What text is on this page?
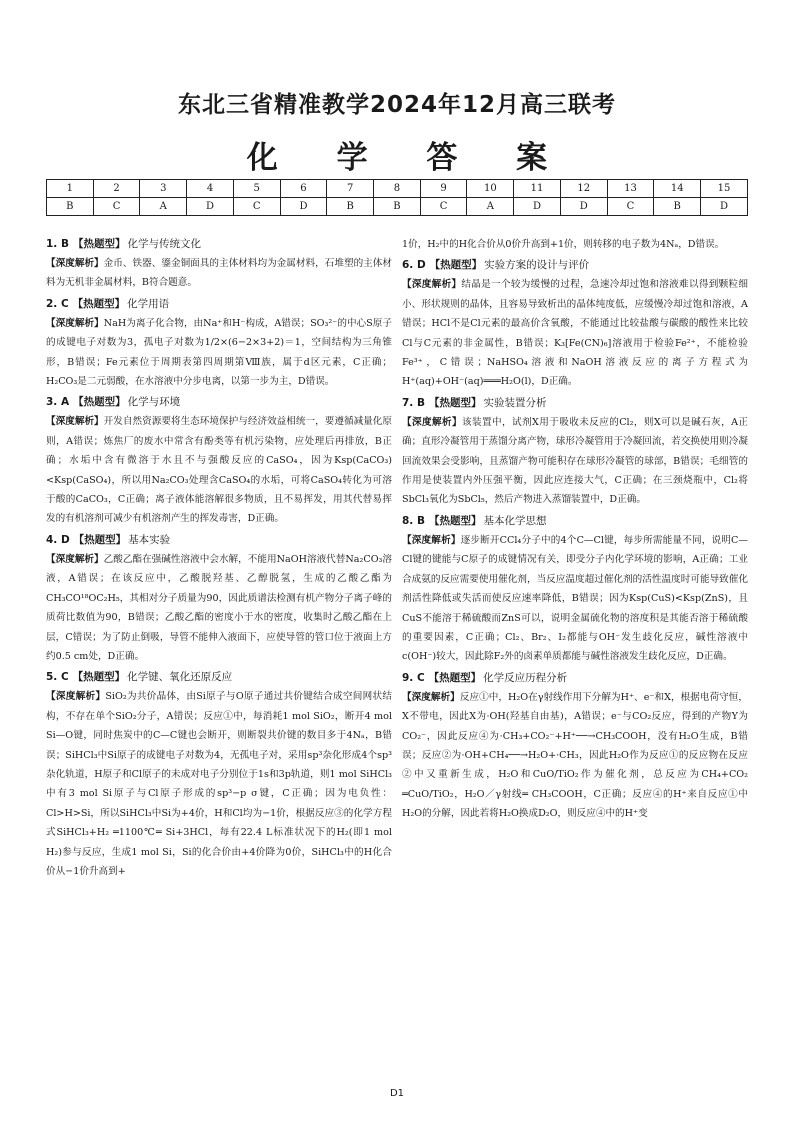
东北三省精准教学2024年12月高三联考
化 学 答 案
1	2	3	4	5	6	7	8	9	10	11	12	13	14	15
B	C	A	D	C	D	B	B	C	A	D	D	C	B	D
1. B 【热题型】 化学与传统文化

【深度解析】金币、铁器、鎏金铜面具的主体材料均为金属材料，石堆塑的主体材料为无机非金属材料，B符合题意。

2. C 【热题型】 化学用语

【深度解析】NaH为离子化合物，由Na⁺和H⁻构成，A错误；SO₃²⁻的中心S原子的成键电子对数为3，孤电子对数为1/2×(6−2×3+2)＝1，空间结构为三角锥形，B错误；Fe元素位于周期表第四周期第Ⅷ族，属于d区元素，C正确；H₂CO₃是二元弱酸，在水溶液中分步电离，以第一步为主，D错误。

3. A 【热题型】 化学与环境

【深度解析】开发自然资源要将生态环境保护与经济效益相统一，要遵循减量化原则，A错误；炼焦厂的废水中常含有酚类等有机污染物，应处理后再排放，B正确；水垢中含有微溶于水且不与强酸反应的CaSO₄，因为Ksp(CaCO₃)<Ksp(CaSO₄)，所以用Na₂CO₃处理含CaSO₄的水垢，可将CaSO₄转化为可溶于酸的CaCO₃，C正确；离子液体能溶解很多物质，且不易挥发，用其代替易挥发的有机溶剂可减少有机溶剂产生的挥发毒害，D正确。

4. D 【热题型】 基本实验

【深度解析】乙酸乙酯在强碱性溶液中会水解，不能用NaOH溶液代替Na₂CO₃溶液，A错误；在该反应中，乙酸脱羟基、乙醇脱氢，生成的乙酸乙酯为CH₃CO¹⁸OC₂H₅，其相对分子质量为90，因此质谱法检测有机产物分子离子峰的质荷比数值为90，B错误；乙酸乙酯的密度小于水的密度，收集时乙酸乙酯在上层，C错误；为了防止倒吸，导管不能伸入液面下，应使导管的管口位于液面上方约0.5 cm处，D正确。

5. C 【热题型】 化学键、氧化还原反应

【深度解析】SiO₂为共价晶体，由Si原子与O原子通过共价键结合成空间网状结构，不存在单个SiO₂分子，A错误；反应①中，每消耗1 mol SiO₂，断开4 mol Si—O键，同时焦炭中的C—C键也会断开，则断裂共价键的数目多于4Nₐ，B错误；SiHCl₃中Si原子的成键电子对数为4，无孤电子对，采用sp³杂化形成4个sp³杂化轨道，H原子和Cl原子的未成对电子分别位于1s和3p轨道，则1 mol SiHCl₃中有3 mol Si原子与Cl原子形成的sp³−p σ键，C正确；因为电负性：Cl>H>Si，所以SiHCl₃中Si为+4价，H和Cl均为−1价，根据反应③的化学方程式SiHCl₃+H₂ ═1100℃═ Si+3HCl，每有22.4 L标准状况下的H₂(即1 mol H₂)参与反应，生成1 mol Si，Si的化合价由+4价降为0价，SiHCl₃中的H化合价从−1价升高到+

1价，H₂中的H化合价从0价升高到+1价，则转移的电子数为4Nₐ，D错误。

6. D 【热题型】 实验方案的设计与评价

【深度解析】结晶是一个较为缓慢的过程，急速冷却过饱和溶液难以得到颗粒细小、形状规则的晶体，且容易导致析出的晶体纯度低，应缓慢冷却过饱和溶液，A错误；HCl不是Cl元素的最高价含氧酸，不能通过比较盐酸与碳酸的酸性来比较Cl与C元素的非金属性，B错误；K₃[Fe(CN)₆]溶液用于检验Fe²⁺，不能检验Fe³⁺，C错误；NaHSO₄溶液和NaOH溶液反应的离子方程式为H⁺(aq)+OH⁻(aq)═══H₂O(l)，D正确。

7. B 【热题型】 实验装置分析

【深度解析】该装置中，试剂X用于吸收未反应的Cl₂，则X可以是碱石灰，A正确；直形冷凝管用于蒸馏分离产物，球形冷凝管用于冷凝回流，若交换使用则冷凝回流效果会受影响，且蒸馏产物可能积存在球形冷凝管的球部，B错误；毛细管的作用是使装置内外压强平衡，因此应连接大气，C正确；在三颈烧瓶中，Cl₂将SbCl₃氧化为SbCl₅，然后产物进入蒸馏装置中，D正确。

8. B 【热题型】 基本化学思想

【深度解析】逐步断开CCl₄分子中的4个C—Cl键，每步所需能量不同，说明C—Cl键的键能与C原子的成键情况有关，即受分子内化学环境的影响，A正确；工业合成氨的反应需要使用催化剂，当反应温度超过催化剂的活性温度时可能导致催化剂活性降低或失活而使反应速率降低，B错误；因为Ksp(CuS)<Ksp(ZnS)，且CuS不能溶于稀硫酸而ZnS可以，说明金属硫化物的溶度积是其能否溶于稀硫酸的重要因素，C正确；Cl₂、Br₂、I₂都能与OH⁻发生歧化反应，碱性溶液中c(OH⁻)较大，因此除F₂外的卤素单质都能与碱性溶液发生歧化反应，D正确。

9. C 【热题型】 化学反应历程分析

【深度解析】反应①中，H₂O在γ射线作用下分解为H⁺、e⁻和X，根据电荷守恒，X不带电，因此X为·OH(羟基自由基)，A错误；e⁻与CO₂反应，得到的产物Y为CO₂⁻，因此反应④为·CH₃+CO₂⁻+H⁺──→CH₃COOH，没有H₂O生成，B错误；反应②为·OH+CH₄──→H₂O+·CH₃，因此H₂O作为反应①的反应物在反应②中又重新生成，H₂O和CuO/TiO₂作为催化剂，总反应为CH₄+CO₂ ═CuO/TiO₂，H₂O／γ射线═ CH₃COOH，C正确；反应④的H⁺来自反应①中H₂O的分解，因此若将H₂O换成D₂O，则反应④中的H⁺变

D1
